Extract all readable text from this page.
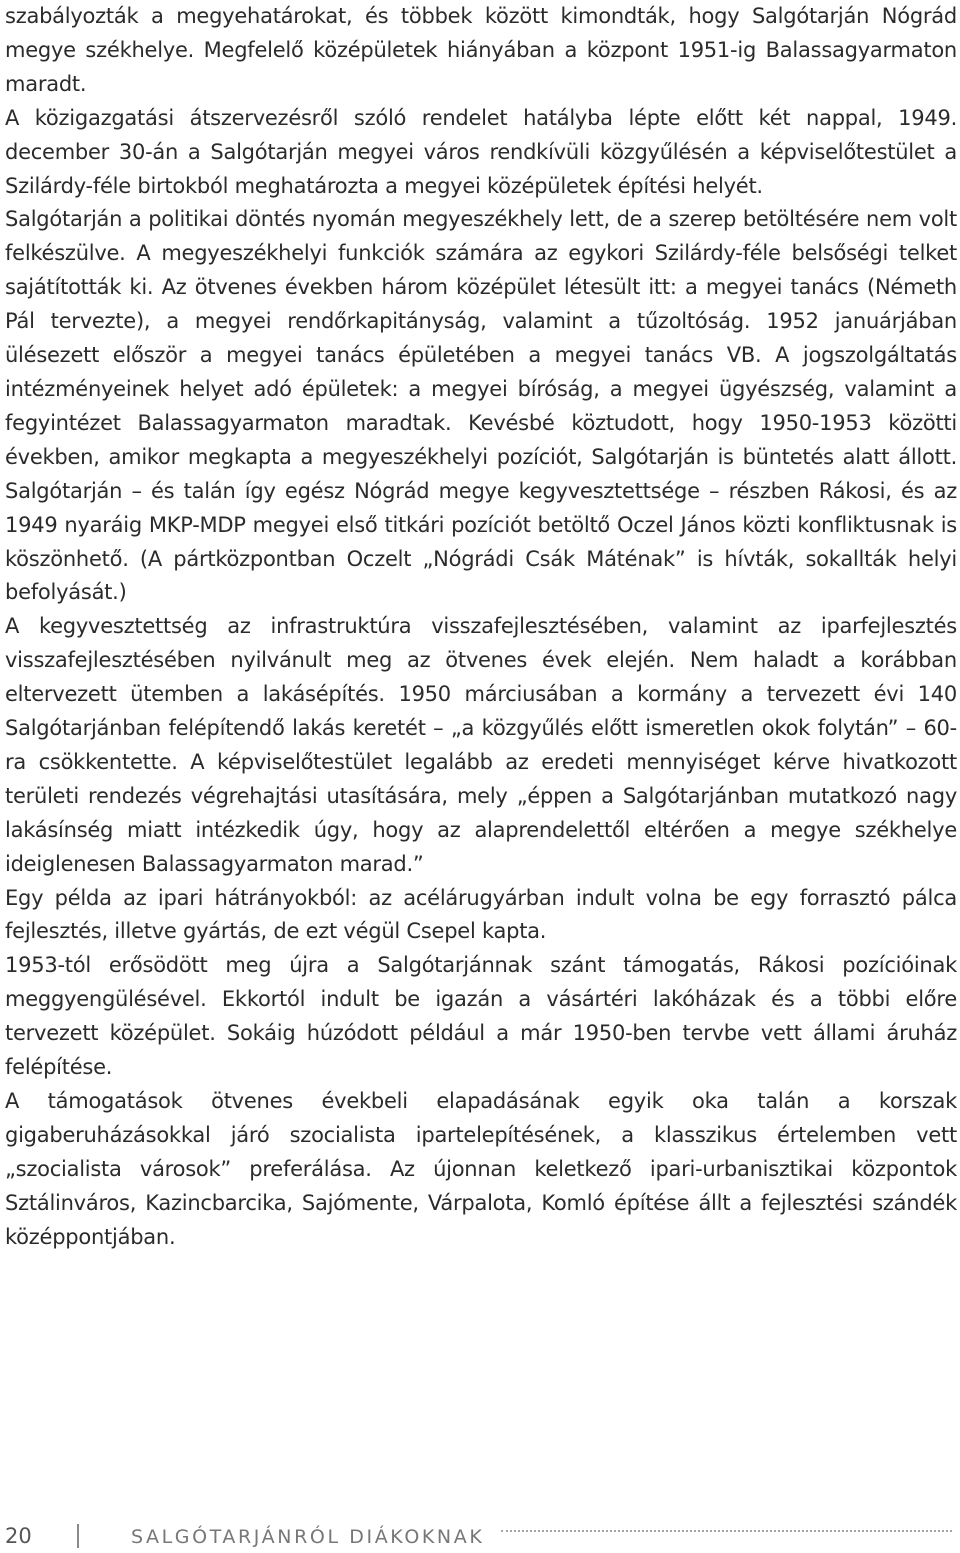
szabályozták a megyehatárokat, és többek között kimondták, hogy Salgótarján Nógrád megye székhelye. Megfelelő középületek hiányában a központ 1951-ig Balassagyarmaton maradt.

A közigazgatási átszervezésről szóló rendelet hatályba lépte előtt két nappal, 1949. december 30-án a Salgótarján megyei város rendkívüli közgyűlésén a képviselőtestület a Szilárdy-féle birtokból meghatározta a megyei középületek építési helyét.

Salgótarján a politikai döntés nyomán megyeszékhely lett, de a szerep betöltésére nem volt felkészülve. A megyeszékhelyi funkciók számára az egykori Szilárdy-féle belsőségi telket sajátították ki. Az ötvenes években három középület létesült itt: a megyei tanács (Németh Pál tervezte), a megyei rendőrkapitányság, valamint a tűzoltóság. 1952 januárjában ülésezett először a megyei tanács épületében a megyei tanács VB. A jogszolgáltatás intézményeinek helyet adó épületek: a megyei bíróság, a megyei ügyészség, valamint a fegyintézet Balassagyarmaton maradtak. Kevésbé köztudott, hogy 1950-1953 közötti években, amikor megkapta a megyeszékhelyi pozíciót, Salgótarján is büntetés alatt állott. Salgótarján – és talán így egész Nógrád megye kegyvesztettsége – részben Rákosi, és az 1949 nyaráig MKP-MDP megyei első titkári pozíciót betöltő Oczel János közti konfliktusnak is köszönhető. (A pártközpontban Oczelt „Nógrádi Csák Máténak” is hívták, sokallták helyi befolyását.)

A kegyvesztettség az infrastruktúra visszafejlesztésében, valamint az iparfejlesztés visszafejlesztésében nyilvánult meg az ötvenes évek elején. Nem haladt a korábban eltervezett ütemben a lakásépítés. 1950 márciusában a kormány a tervezett évi 140 Salgótarjánban felépítendő lakás keretét – „a közgyűlés előtt ismeretlen okok folytán” – 60-ra csökkentette. A képviselőtestület legalább az eredeti mennyiséget kérve hivatkozott területi rendezés végrehajtási utasítására, mely „éppen a Salgótarjánban mutatkozó nagy lakásínség miatt intézkedik úgy, hogy az alaprendelettől eltérően a megye székhelye ideiglenesen Balassagyarmaton marad.”

Egy példa az ipari hátrányokból: az acélárugyárban indult volna be egy forrasztó pálca fejlesztés, illetve gyártás, de ezt végül Csepel kapta.

1953-tól erősödött meg újra a Salgótarjánnak szánt támogatás, Rákosi pozícióinak meggyengülésével. Ekkortól indult be igazán a vásártéri lakóházak és a többi előre tervezett középület. Sokáig húzódott például a már 1950-ben tervbe vett állami áruház felépítése.

A támogatások ötvenes évekbeli elapadásának egyik oka talán a korszak gigaberuházásokkal járó szocialista ipartelepítésének, a klasszikus értelemben vett „szocialista városok” preferálása. Az újonnan keletkező ipari-urbanisztikai központok Sztálinváros, Kazincbarcika, Sajómente, Várpalota, Komló építése állt a fejlesztési szándék középpontjában.

20	SALGÓTARJÁNRÓL DIÁKOKNAK
